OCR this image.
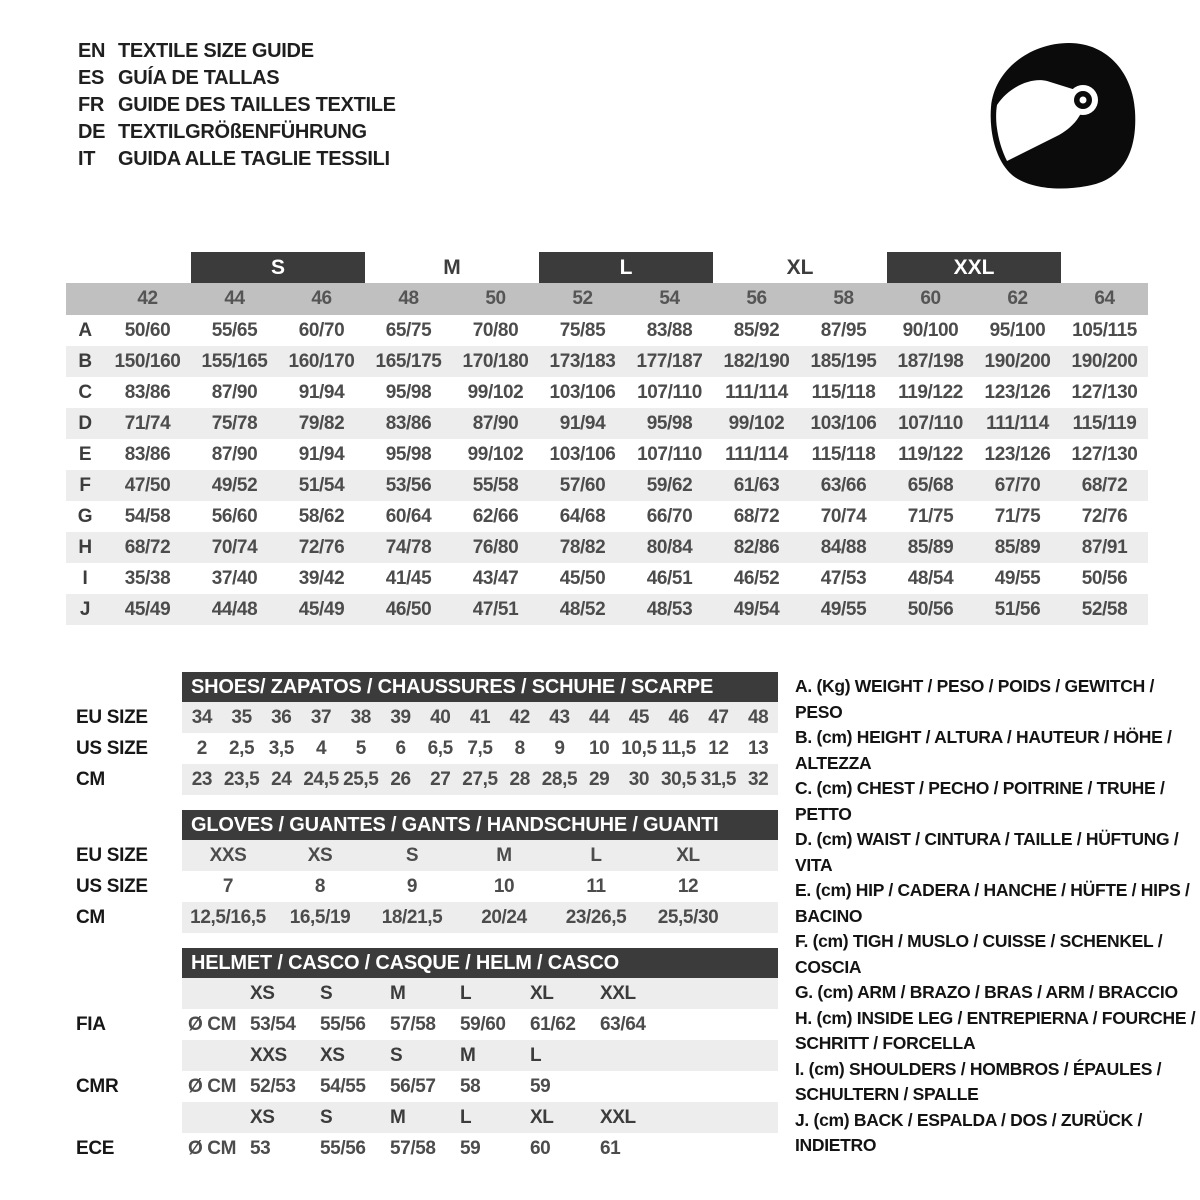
EN TEXTILE SIZE GUIDE
ES GUÍA DE TALLAS
FR GUIDE DES TAILLES TEXTILE
DE TEXTILGRÖßENFÜHRUNG
IT	GUIDA ALLE TAGLIE TESSILI
S	M	L	XL	XXL
42	44	46	48	50	52	54	56	58	60	62	64
A	50/60	55/65	60/70	65/75	70/80	75/85	83/88	85/92	87/95	90/100	95/100	105/115
B	150/160	155/165	160/170	165/175	170/180	173/183	177/187	182/190	185/195	187/198	190/200	190/200
C	83/86	87/90	91/94	95/98	99/102	103/106	107/110	111/114	115/118	119/122	123/126	127/130
D	71/74	75/78	79/82	83/86	87/90	91/94	95/98	99/102	103/106	107/110	111/114	115/119
E	83/86	87/90	91/94	95/98	99/102	103/106	107/110	111/114	115/118	119/122	123/126	127/130
F	47/50	49/52	51/54	53/56	55/58	57/60	59/62	61/63	63/66	65/68	67/70	68/72
G	54/58	56/60	58/62	60/64	62/66	64/68	66/70	68/72	70/74	71/75	71/75	72/76
H	68/72	70/74	72/76	74/78	76/80	78/82	80/84	82/86	84/88	85/89	85/89	87/91
I	35/38	37/40	39/42	41/45	43/47	45/50	46/51	46/52	47/53	48/54	49/55	50/56
J	45/49	44/48	45/49	46/50	47/51	48/52	48/53	49/54	49/55	50/56	51/56	52/58
SHOES/ ZAPATOS / CHAUSSURES / SCHUHE / SCARPE
EU SIZE	34	35	36	37	38	39	40	41	42	43	44	45	46	47	48
US SIZE	2	2,5 3,5	4	5	6	6,5 7,5	8	9	10 10,5 11,5 12	13
CM	23 23,5 24 24,5 25,5 26	27 27,5 28 28,5 29	30 30,5 31,5 32
GLOVES / GUANTES / GANTS / HANDSCHUHE / GUANTI
EU SIZE	XXS	XS	S	M	L	XL
US SIZE	7	8	9	10	11	12
CM	12,5/16,5	16,5/19	18/21,5	20/24	23/26,5	25,5/30
HELMET / CASCO / CASQUE / HELM / CASCO
XS	S	M	L	XL	XXL
FIA	Ø CM 53/54	55/56	57/58	59/60	61/62	63/64
XXS	XS	S	M	L
CMR	Ø CM 52/53	54/55	56/57	58	59
XS	S	M	L	XL	XXL
ECE	Ø CM 53	55/56	57/58	59	60	61
A. (Kg) WEIGHT / PESO / POIDS / GEWITCH / PESO
B. (cm) HEIGHT / ALTURA / HAUTEUR / HÖHE / ALTEZZA
C. (cm) CHEST / PECHO / POITRINE / TRUHE / PETTO
D. (cm) WAIST / CINTURA / TAILLE / HÜFTUNG / VITA
E. (cm) HIP / CADERA / HANCHE / HÜFTE / HIPS / BACINO
F. (cm) TIGH / MUSLO / CUISSE / SCHENKEL / COSCIA
G. (cm) ARM / BRAZO / BRAS / ARM / BRACCIO
H. (cm) INSIDE LEG / ENTREPIERNA / FOURCHE / SCHRITT / FORCELLA
I. (cm) SHOULDERS / HOMBROS / ÉPAULES / SCHULTERN / SPALLE
J. (cm) BACK / ESPALDA / DOS / ZURÜCK / INDIETRO
